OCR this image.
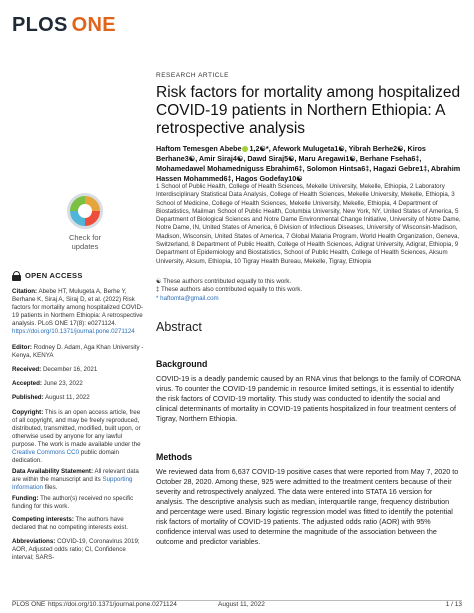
PLOS ONE
Check for updates
OPEN ACCESS
Citation: Abebe HT, Mulugeta A, Berhe Y, Berhane K, Siraj A, Siraj D, et al. (2022) Risk factors for mortality among hospitalized COVID-19 patients in Northern Ethiopia: A retrospective analysis. PLoS ONE 17(8): e0271124. https://doi.org/10.1371/journal.pone.0271124
Editor: Rodney D. Adam, Aga Khan University - Kenya, KENYA
Received: December 16, 2021
Accepted: June 23, 2022
Published: August 11, 2022
Copyright: This is an open access article, free of all copyright, and may be freely reproduced, distributed, transmitted, modified, built upon, or otherwise used by anyone for any lawful purpose. The work is made available under the Creative Commons CC0 public domain dedication.
Data Availability Statement: All relevant data are within the manuscript and its Supporting Information files.
Funding: The author(s) received no specific funding for this work.
Competing interests: The authors have declared that no competing interests exist.
Abbreviations: COVID-19, Coronavirus 2019; AOR, Adjusted odds ratio; CI, Confidence interval; SARS-
RESEARCH ARTICLE
Risk factors for mortality among hospitalized COVID-19 patients in Northern Ethiopia: A retrospective analysis
Haftom Temesgen Abebe 1,2☯*, Afework Mulugeta1☯, Yibrah Berhe2☯, Kiros Berhane3☯, Amir Siraj4☯, Dawd Siraj5☯, Maru Aregawi1☯, Berhane Fseha6‡, Mohamedawel Mohamedniguss Ebrahim6‡, Solomon Hintsa6‡, Hagazi Gebre1‡, Abrahim Hassen Mohammed6‡, Hagos Godefay10☯
1 School of Public Health, College of Health Sciences, Mekelle University, Mekelle, Ethiopia, 2 Laboratory Interdisciplinary Statistical Data Analysis, College of Health Sciences, Mekelle University, Mekelle, Ethiopia, 3 School of Medicine, College of Health Sciences, Mekelle University, Mekelle, Ethiopia, 4 Department of Biostatistics, Mailman School of Public Health, Columbia University, New York, NY, United States of America, 5 Department of Biological Sciences and Notre Dame Environmental Change Initiative, University of Notre Dame, Notre Dame, IN, United States of America, 6 Division of Infectious Diseases, University of Wisconsin-Madison, Madison, Wisconsin, United States of America, 7 Global Malaria Program, World Health Organization, Geneva, Switzerland, 8 Department of Public Health, College of Health Sciences, Adigrat University, Adigrat, Ethiopia, 9 Department of Epidemiology and Biostatistics, School of Public Health, College of Health Sciences, Aksum University, Aksum, Ethiopia, 10 Tigray Health Bureau, Mekelle, Tigray, Ethiopia
☯ These authors contributed equally to this work.
‡ These authors also contributed equally to this work.
* haftomta@gmail.com
Abstract
Background
COVID-19 is a deadly pandemic caused by an RNA virus that belongs to the family of CORONA virus. To counter the COVID-19 pandemic in resource limited settings, it is essential to identify the risk factors of COVID-19 mortality. This study was conducted to identify the social and clinical determinants of mortality in COVID-19 patients hospitalized in four treatment centers of Tigray, Northern Ethiopia.
Methods
We reviewed data from 6,637 COVID-19 positive cases that were reported from May 7, 2020 to October 28, 2020. Among these, 925 were admitted to the treatment centers because of their severity and retrospectively analyzed. The data were entered into STATA 16 version for analysis. The descriptive analysis such as median, interquartile range, frequency distribution and percentage were used. Binary logistic regression model was fitted to identify the potential risk factors of mortality of COVID-19 patients. The adjusted odds ratio (AOR) with 95% confidence interval was used to determine the magnitude of the association between the outcome and predictor variables.
PLOS ONE https://doi.org/10.1371/journal.pone.0271124	August 11, 2022	1 / 13
